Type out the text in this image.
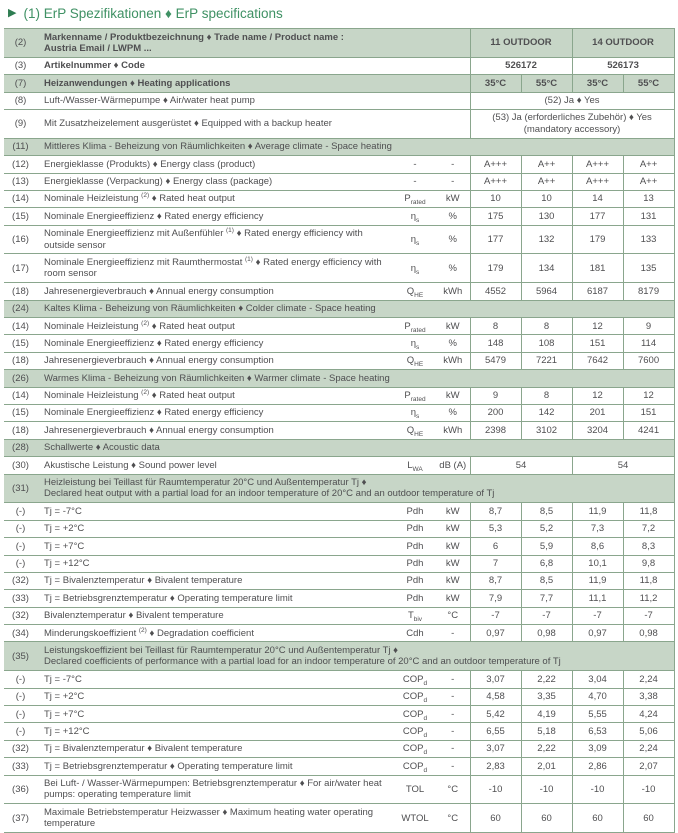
▶ (1) ErP Spezifikationen ♦ ErP specifications
(2)	Markenname / Produktbezeichnung ♦ Trade name / Product name :
Austria Email / LWPM ...			11 OUTDOOR		14 OUTDOOR	
(3)	Artikelnummer ♦ Code			526172		526173	
(7)	Heizanwendungen ♦ Heating applications			35°C	55°C	35°C	55°C
(8)	Luft-/Wasser-Wärmepumpe ♦ Air/water heat pump			(52) Ja ♦ Yes			
(9)	Mit Zusatzheizelement ausgerüstet ♦ Equipped with a backup heater			(53) Ja (erforderliches Zubehör) ♦ Yes (mandatory accessory)			
(11)	Mittleres Klima - Beheizung von Räumlichkeiten ♦ Average climate - Space heating						
(12)	Energieklasse (Produkts) ♦ Energy class (product)	-	-	A+++	A++	A+++	A++
(13)	Energieklasse (Verpackung) ♦ Energy class (package)	-	-	A+++	A++	A+++	A++
(14)	Nominale Heizleistung $^{(2)}$ ♦ Rated heat output	$P_{rated}$	kW	10	10	14	13
(15)	Nominale Energieeffizienz ♦ Rated energy efficiency	$\eta_s$	%	175	130	177	131
(16)	Nominale Energieeffizienz mit Außenfühler $^{(1)}$ ♦ Rated energy efficiency with outside sensor	$\eta_s$	%	177	132	179	133
(17)	Nominale Energieeffizienz mit Raumthermostat $^{(1)}$ ♦ Rated energy efficiency with room sensor	$\eta_s$	%	179	134	181	135
(18)	Jahresenergieverbrauch ♦ Annual energy consumption	$Q_{HE}$	kWh	4552	5964	6187	8179
(24)	Kaltes Klima - Beheizung von Räumlichkeiten ♦ Colder climate - Space heating						
(14)	Nominale Heizleistung $^{(2)}$ ♦ Rated heat output	$P_{rated}$	kW	8	8	12	9
(15)	Nominale Energieeffizienz ♦ Rated energy efficiency	$\eta_s$	%	148	108	151	114
(18)	Jahresenergieverbrauch ♦ Annual energy consumption	$Q_{HE}$	kWh	5479	7221	7642	7600
(26)	Warmes Klima - Beheizung von Räumlichkeiten ♦ Warmer climate - Space heating						
(14)	Nominale Heizleistung $^{(2)}$ ♦ Rated heat output	$P_{rated}$	kW	9	8	12	12
(15)	Nominale Energieeffizienz ♦ Rated energy efficiency	$\eta_s$	%	200	142	201	151
(18)	Jahresenergieverbrauch ♦ Annual energy consumption	$Q_{HE}$	kWh	2398	3102	3204	4241
(28)	Schallwerte ♦ Acoustic data						
(30)	Akustische Leistung ♦ Sound power level	$L_{WA}$	dB (A)	54		54	
(31)	Heizleistung bei Teillast für Raumtemperatur 20°C und Außentemperatur Tj ♦
Declared heat output with a partial load for an indoor temperature of 20°C and an outdoor temperature of Tj						
(-)	Tj = -7°C	Pdh	kW	8,7	8,5	11,9	11,8
(-)	Tj = +2°C	Pdh	kW	5,3	5,2	7,3	7,2
(-)	Tj = +7°C	Pdh	kW	6	5,9	8,6	8,3
(-)	Tj = +12°C	Pdh	kW	7	6,8	10,1	9,8
(32)	Tj = Bivalenztemperatur ♦ Bivalent temperature	Pdh	kW	8,7	8,5	11,9	11,8
(33)	Tj = Betriebsgrenztemperatur ♦ Operating temperature limit	Pdh	kW	7,9	7,7	11,1	11,2
(32)	Bivalenztemperatur ♦ Bivalent temperature	$T_{biv}$	°C	-7	-7	-7	-7
(34)	Minderungskoeffizient $^{(2)}$ ♦ Degradation coefficient	Cdh	-	0,97	0,98	0,97	0,98
(35)	Leistungskoeffizient bei Teillast für Raumtemperatur 20°C und Außentemperatur Tj ♦
Declared coefficients of performance with a partial load for an indoor temperature of 20°C and an outdoor temperature of Tj						
(-)	Tj = -7°C	$COP_d$	-	3,07	2,22	3,04	2,24
(-)	Tj = +2°C	$COP_d$	-	4,58	3,35	4,70	3,38
(-)	Tj = +7°C	$COP_d$	-	5,42	4,19	5,55	4,24
(-)	Tj = +12°C	$COP_d$	-	6,55	5,18	6,53	5,06
(32)	Tj = Bivalenztemperatur ♦ Bivalent temperature	$COP_d$	-	3,07	2,22	3,09	2,24
(33)	Tj = Betriebsgrenztemperatur ♦ Operating temperature limit	$COP_d$	-	2,83	2,01	2,86	2,07
(36)	Bei Luft- / Wasser-Wärmepumpen: Betriebsgrenztemperatur ♦ For air/water heat pumps: operating temperature limit	TOL	°C	-10	-10	-10	-10
(37)	Maximale Betriebstemperatur Heizwasser ♦ Maximum heating water operating temperature	WTOL	°C	60	60	60	60
